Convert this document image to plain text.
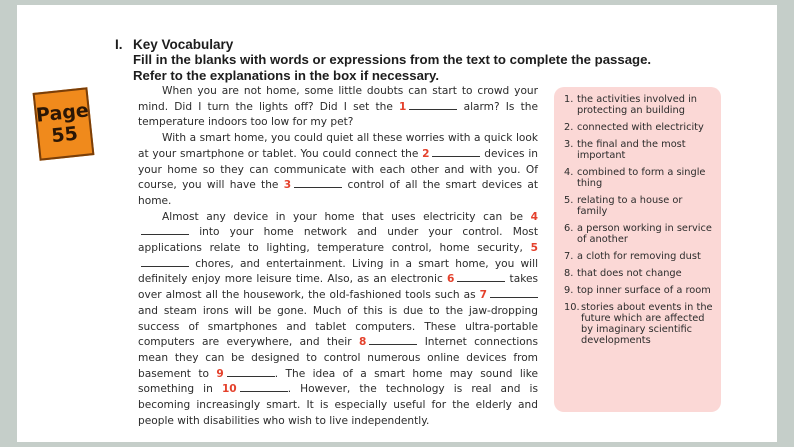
Page
55
I. Key Vocabulary
Fill in the blanks with words or expressions from the text to complete the passage.
Refer to the explanations in the box if necessary.

When you are not home, some little doubts can start to crowd your mind. Did I turn the lights off? Did I set the 1	alarm? Is the temperature indoors too low for my pet?

With a smart home, you could quiet all these worries with a quick look at your smartphone or tablet. You could connect the 2	devices in your home so they can communicate with each other and with you. Of course, you will have the 3	control of all the smart devices at home.

Almost any device in your home that uses electricity can be 4 into your home network and under your control. Most applications relate to lighting, temperature control, home security, 5 chores, and entertainment. Living in a smart home, you will definitely enjoy more leisure time. Also, as an electronic 6	takes over almost all the housework, the old-fashioned tools such as 7 and steam irons will be gone. Much of this is due to the jaw-dropping success of smartphones and tablet computers. These ultra-portable computers are everywhere, and their 8	Internet connections mean they can be designed to control numerous online devices from basement to 9	. The idea of a smart home may sound like something in 10	. However, the technology is real and is becoming increasingly smart. It is especially useful for the elderly and people with disabilities who wish to live independently.

1. the activities involved in protecting an building
2. connected with electricity
3. the final and the most important
4. combined to form a single thing
5. relating to a house or family
6. a person working in service of another
7. a cloth for removing dust
8. that does not change
9. top inner surface of a room
10. stories about events in the future which are affected by imaginary scientific developments
